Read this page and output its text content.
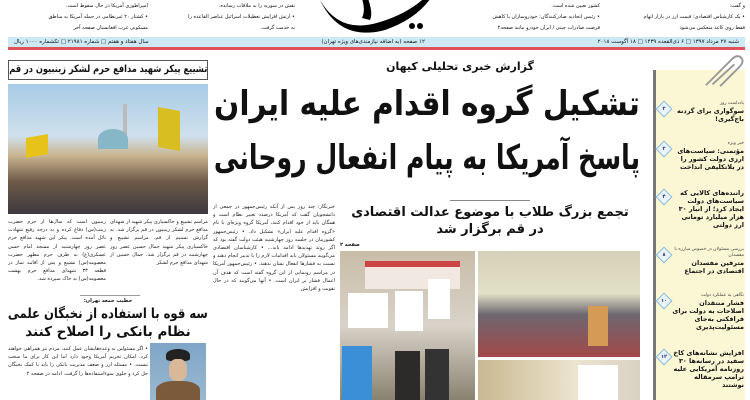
و گفت:
• یک کارشناس اقتصادی: قیمت ارز در بازار اتهام
فقط روی کاغذ منعکس می‌شود
کشور تعیین شده است.
• رئیس اتحادیه صادرکنندگان: خودروسازان با کاهش
فرصت صادرات چینی / ایران خودرو مانند صفحه۲
نقش در سوریه را به ملاقات رسانده.
• ارتش افزایش تعطیلات اسرائیل عناصر القاعده را
به خدمت گرفت.
امپراطوری آمریکا در حال سقوط است.
• کشتار ۲۰ غیرنظامی در حمله آمریکا به مناطق
مسکونی غرب افغانستان صفحه آخر
شنبه ۲۷ مرداد ۱۳۹۷ □ ۶ ذی‌القعده ۱۴۳۹ □ ۱۸ آگوست ۲۰۱۸
۱۲ صفحه (به اضافه نیازمندی‌های ویژه تهران)
سال هفتاد و هفتم □ شماره ۲۱۹۸۱ □ تکشماره ۱۰۰۰ ریال
تشییع پیکر شهید مدافع حرم لشکر زینبیون در قم
مراسم تشییع و خاکسپاری پیکر شهید از شهدای مدافع حرم لشکر زینبیون در قم برگزار شد. به گزارش تسنیم از قم، مراسم تشییع و خاکسپاری پیکر شهید جمال حسین عصر روز چهارشنبه در قم برگزار شد. جمال حسین از شهدای مدافع حرم لشکر
زینبیون است که سال‌ها از حرم حضرت زینب(س) دفاع کرده و به درجه رفیع شهادت نائل آمده است. پیکر این شهید مدافع حرم عصر روز چهارشنبه از مسجد امام حسن عسکری(ع) به طرف حرم مطهر حضرت معصومه(س) تشییع و پس از اقامه نماز در قطعه ۳۳ شهدای مدافع حرم بهشت معصومه(س) به خاک سپرده شد.
خطیب جمعه تهران:
سه قوه با استفاده از نخبگان علمی
نظام بانکی را اصلاح کنند
• اگر مسئولین به وعده‌هایشان عمل کنند، مردم نیز همراهی خواهند کرد. امکان تحریم آمریکا وجود دارد اما این کار برای ما سخت نیست. • مسئله ارز و ضعف مدیریت بانکی را باید با کمک نخبگان حل کرد و جلوی سوءاستفاده‌ها را گرفت. ادامه در صفحه ۲
گزارش خبری تحلیلی کیهان
تشکیل گروه اقدام علیه ایران
پاسخ آمریکا به پیام انفعال روحانی
تجمع بزرگ طلاب با موضوع عدالت اقتصادی
در قم برگزار شد
خبرنگار: چند روز پس از آنکه رئیس‌جمهور در جمعی از دانشجویان گفت که آمریکا درصدد تغییر نظام است و همگان باید از خود اقدام کنند، آمریکا گروه ویژه‌ای با نام «گروه اقدام علیه ایران» تشکیل داد. • رئیس‌جمهور کشورمان در جلسه روز چهارشنبه هیئت دولت گفته بود که اگر روند تهدیدها ادامه یابد... • کارشناسان اقتصادی می‌گویند مسئولان باید اقدامات لازم را با تدبیر انجام دهند و نسبت به فشارها انفعال نشان ندهند. • رئیس‌جمهور آمریکا در مراسم رونمایی از این گروه گفته است که هدف آن اعمال فشار بر ایران است. • آنها می‌گویند که در حال تقویت و افزایش
صفحه ۲
۲
یادداشت روز
سوگواری برای گردنه باج‌گیری!
۲
خبر ویژه
مؤتمنی: سیاست‌های ارزی دولت کشور را در بلاتکلیفی انداخت
۴	راننده‌های کالایی که سیاست‌های دولت ایجاد کرد؛ از انبار ۳۰ هزار میلیارد تومانی ارز دولتی
۸
بررسی مسئولان در خصوص مبارزه با مفسدان
مترفین مفسدان اقتصادی در اجتماع
۱۰
نگاهی به عملکرد دولت
فشار منتقدان اصلاحات به دولت برای فرافکنی به‌جای مسئولیت‌پذیری
۱۲ افزایش نشانه‌های کاخ سفید در رسانه‌ها ۳۰ روزنامه آمریکایی علیه ترامپ سرمقاله نوشتند
